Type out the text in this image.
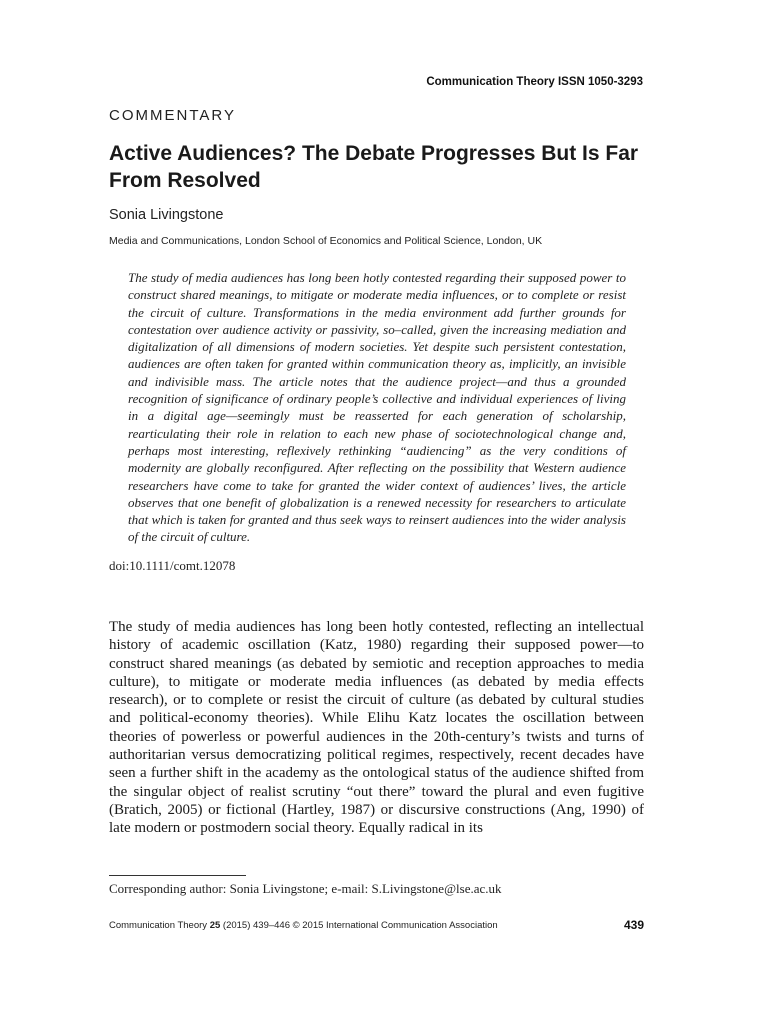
Communication Theory ISSN 1050-3293
COMMENTARY
Active Audiences? The Debate Progresses But Is Far From Resolved
Sonia Livingstone
Media and Communications, London School of Economics and Political Science, London, UK

The study of media audiences has long been hotly contested regarding their supposed power to construct shared meanings, to mitigate or moderate media influences, or to complete or resist the circuit of culture. Transformations in the media environment add further grounds for contestation over audience activity or passivity, so–called, given the increasing mediation and digitalization of all dimensions of modern societies. Yet despite such persistent contestation, audiences are often taken for granted within communication theory as, implicitly, an invisible and indivisible mass. The article notes that the audience project—and thus a grounded recognition of significance of ordinary people’s collective and individual experiences of living in a digital age—seemingly must be reasserted for each generation of scholarship, rearticulating their role in relation to each new phase of sociotechnological change and, perhaps most interesting, reflexively rethinking “audiencing” as the very conditions of modernity are globally reconfigured. After reflecting on the possibility that Western audience researchers have come to take for granted the wider context of audiences’ lives, the article observes that one benefit of globalization is a renewed necessity for researchers to articulate that which is taken for granted and thus seek ways to reinsert audiences into the wider analysis of the circuit of culture.

doi:10.1111/comt.12078

The study of media audiences has long been hotly contested, reflecting an intellectual history of academic oscillation (Katz, 1980) regarding their supposed power—to construct shared meanings (as debated by semiotic and reception approaches to media culture), to mitigate or moderate media influences (as debated by media effects research), or to complete or resist the circuit of culture (as debated by cultural studies and political-economy theories). While Elihu Katz locates the oscillation between theories of powerless or powerful audiences in the 20th-century’s twists and turns of authoritarian versus democratizing political regimes, respectively, recent decades have seen a further shift in the academy as the ontological status of the audience shifted from the singular object of realist scrutiny “out there” toward the plural and even fugitive (Bratich, 2005) or fictional (Hartley, 1987) or discursive constructions (Ang, 1990) of late modern or postmodern social theory. Equally radical in its

Corresponding author: Sonia Livingstone; e-mail: S.Livingstone@lse.ac.uk
Communication Theory 25 (2015) 439–446 © 2015 International Communication Association	439
